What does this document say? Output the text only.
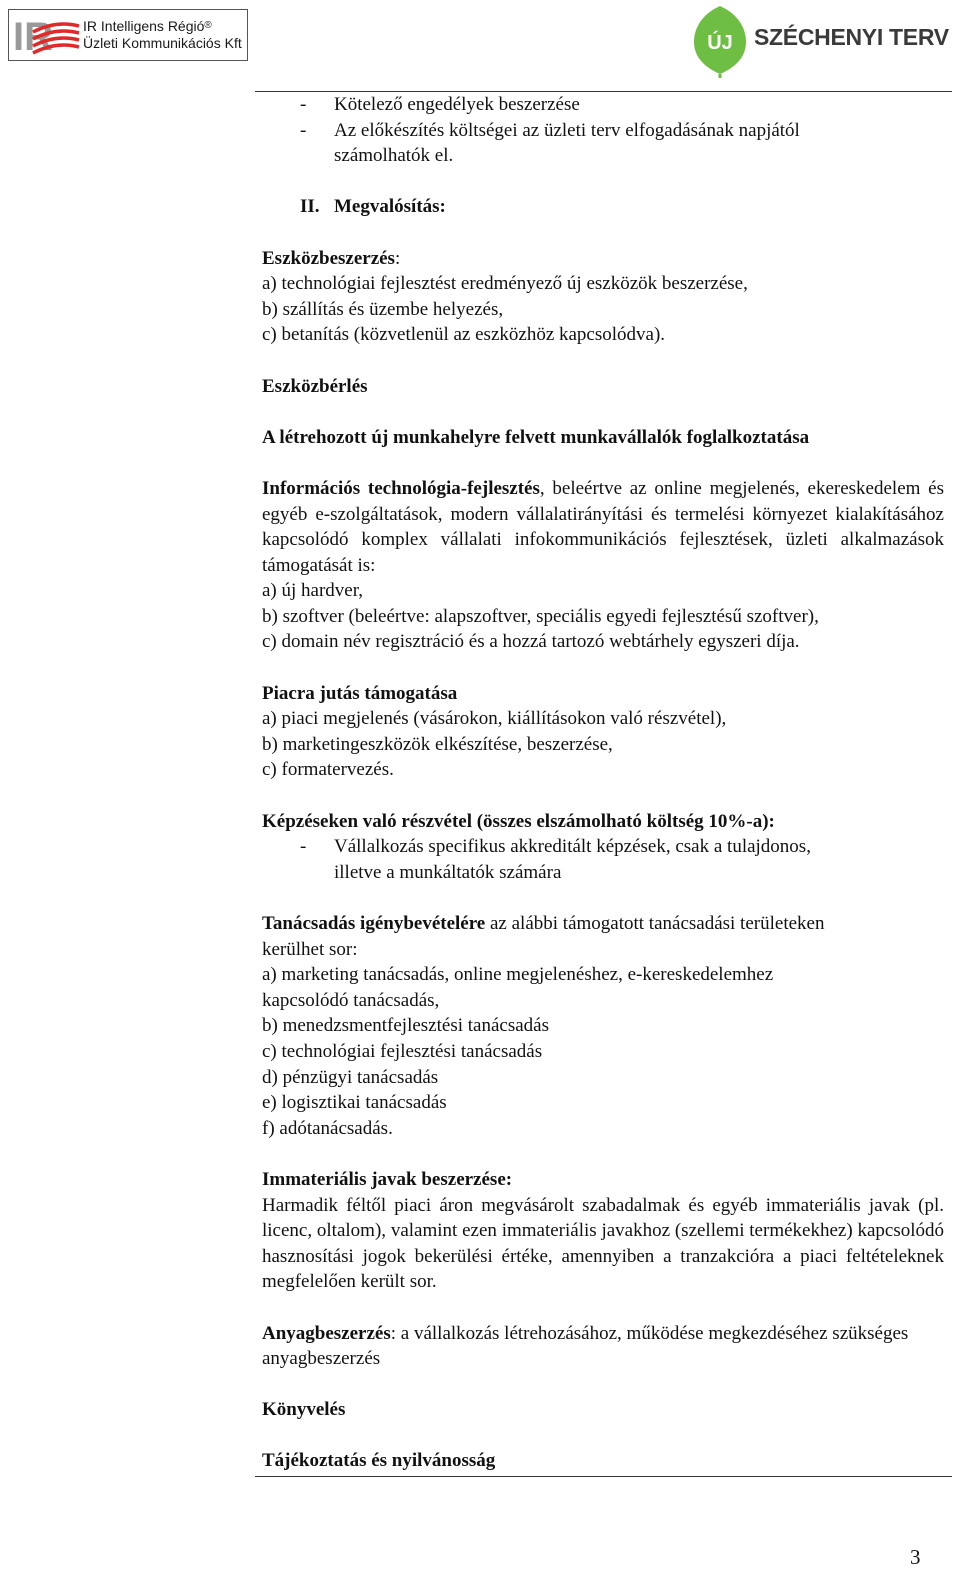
IR IR Intelligens Régió®
Üzleti Kommunikációs Kft	ÚJ SZÉCHENYI TERV

- Kötelező engedélyek beszerzése

- Az előkészítés költségei az üzleti terv elfogadásának napjától

számolhatók el.

II. Megvalósítás:

Eszközbeszerzés:

a) technológiai fejlesztést eredményező új eszközök beszerzése,

b) szállítás és üzembe helyezés,

c) betanítás (közvetlenül az eszközhöz kapcsolódva).

Eszközbérlés

A létrehozott új munkahelyre felvett munkavállalók foglalkoztatása

Információs technológia-fejlesztés, beleértve az online megjelenés, ekereskedelem és egyéb e-szolgáltatások, modern vállalatirányítási és termelési környezet kialakításához kapcsolódó komplex vállalati infokommunikációs fejlesztések, üzleti alkalmazások támogatását is:

a) új hardver,

b) szoftver (beleértve: alapszoftver, speciális egyedi fejlesztésű szoftver),

c) domain név regisztráció és a hozzá tartozó webtárhely egyszeri díja.

Piacra jutás támogatása

a) piaci megjelenés (vásárokon, kiállításokon való részvétel),

b) marketingeszközök elkészítése, beszerzése,

c) formatervezés.

Képzéseken való részvétel (összes elszámolható költség 10%-a):

- Vállalkozás specifikus akkreditált képzések, csak a tulajdonos,

illetve a munkáltatók számára

Tanácsadás igénybevételére az alábbi támogatott tanácsadási területeken

kerülhet sor:

a) marketing tanácsadás, online megjelenéshez, e-kereskedelemhez

kapcsolódó tanácsadás,

b) menedzsmentfejlesztési tanácsadás

c) technológiai fejlesztési tanácsadás

d) pénzügyi tanácsadás

e) logisztikai tanácsadás

f) adótanácsadás.

Immateriális javak beszerzése:

Harmadik féltől piaci áron megvásárolt szabadalmak és egyéb immateriális javak (pl. licenc, oltalom), valamint ezen immateriális javakhoz (szellemi termékekhez) kapcsolódó hasznosítási jogok bekerülési értéke, amennyiben a tranzakcióra a piaci feltételeknek megfelelően került sor.

Anyagbeszerzés: a vállalkozás létrehozásához, működése megkezdéséhez szükséges anyagbeszerzés

Könyvelés

Tájékoztatás és nyilvánosság

3
